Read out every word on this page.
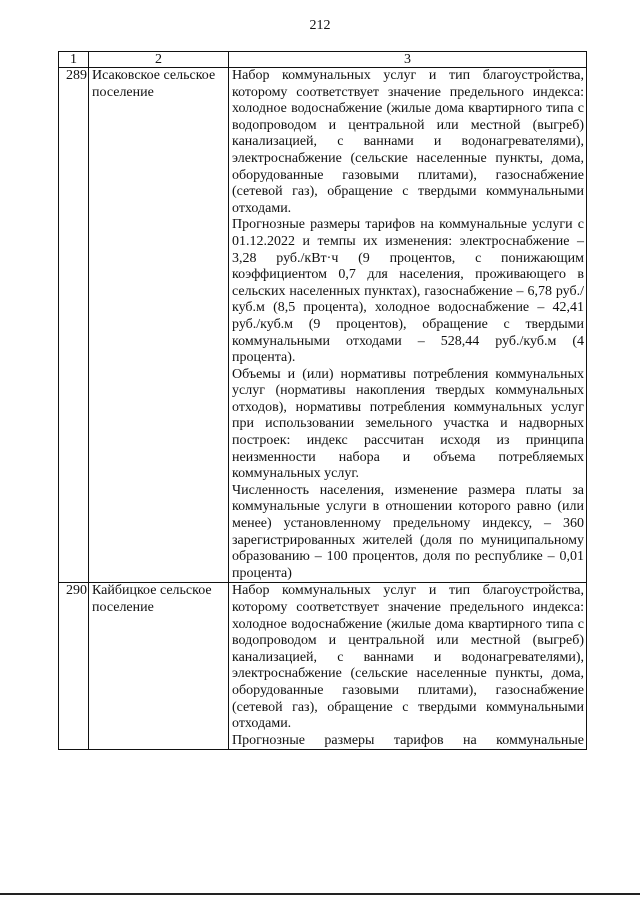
212
1	2	3
289	Исаковское сельское поселение	Набор коммунальных услуг и тип благоустройства, которому соответствует значение предельного индекса: холодное водоснабжение (жилые дома квартирного типа с водопроводом и центральной или местной (выгреб) канализацией, с ваннами и водонагревателями), электроснабжение (сельские населенные пункты, дома, оборудованные газовыми плитами), газоснабжение (сетевой газ), обращение с твердыми коммунальными отходами.

Прогнозные размеры тарифов на коммунальные услуги с 01.12.2022 и темпы их изменения: электроснабжение – 3,28 руб./кВт·ч (9 процентов, с понижающим коэффициентом 0,7 для населения, проживающего в сельских населенных пунктах), газоснабжение – 6,78 руб./куб.м (8,5 процента), холодное водоснабжение – 42,41 руб./куб.м (9 процентов), обращение с твердыми коммунальными отходами – 528,44 руб./куб.м (4 процента).

Объемы и (или) нормативы потребления коммунальных услуг (нормативы накопления твердых коммунальных отходов), нормативы потребления коммунальных услуг при использовании земельного участка и надворных построек: индекс рассчитан исходя из принципа неизменности набора и объема потребляемых коммунальных услуг.

Численность населения, изменение размера платы за коммунальные услуги в отношении которого равно (или менее) установленному предельному индексу, – 360 зарегистрированных жителей (доля по муниципальному образованию – 100 процентов, доля по республике – 0,01 процента)

290	Кайбицкое сельское поселение	Набор коммунальных услуг и тип благоустройства, которому соответствует значение предельного индекса: холодное водоснабжение (жилые дома квартирного типа с водопроводом и центральной или местной (выгреб) канализацией, с ваннами и водонагревателями), электроснабжение (сельские населенные пункты, дома, оборудованные газовыми плитами), газоснабжение (сетевой газ), обращение с твердыми коммунальными отходами.

Прогнозные размеры тарифов на коммунальные
